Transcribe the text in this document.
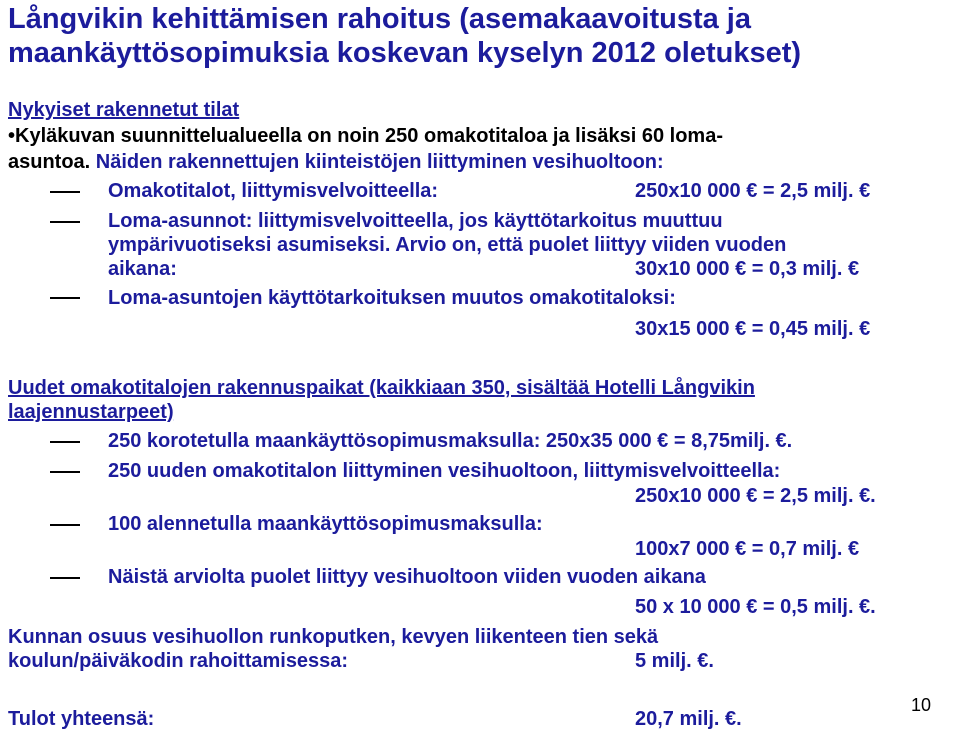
Långvikin kehittämisen rahoitus (asemakaavoitusta ja
maankäyttösopimuksia koskevan kyselyn 2012 oletukset)
Nykyiset rakennetut tilat
•Kyläkuvan suunnittelualueella on noin 250 omakotitaloa ja lisäksi 60 loma-
asuntoa. Näiden rakennettujen kiinteistöjen liittyminen vesihuoltoon:
Omakotitalot, liittymisvelvoitteella:	250x10 000 € = 2,5 milj. €
Loma-asunnot: liittymisvelvoitteella, jos käyttötarkoitus muuttuu
ympärivuotiseksi asumiseksi. Arvio on, että puolet liittyy viiden vuoden
aikana:	30x10 000 € = 0,3 milj. €
Loma-asuntojen käyttötarkoituksen muutos omakotitaloksi:
30x15 000 € = 0,45 milj. €
Uudet omakotitalojen rakennuspaikat (kaikkiaan 350, sisältää Hotelli Långvikin
laajennustarpeet)
250 korotetulla maankäyttösopimusmaksulla: 250x35 000 € = 8,75milj. €.
250 uuden omakotitalon liittyminen vesihuoltoon, liittymisvelvoitteella:
250x10 000 € = 2,5 milj. €.
100 alennetulla maankäyttösopimusmaksulla:
100x7 000 € = 0,7 milj. €
Näistä arviolta puolet liittyy vesihuoltoon viiden vuoden aikana
50 x 10 000 € = 0,5 milj. €.
Kunnan osuus vesihuollon runkoputken, kevyen liikenteen tien sekä
koulun/päiväkodin rahoittamisessa:	5 milj. €.
Tulot yhteensä:	20,7 milj. €.
10
